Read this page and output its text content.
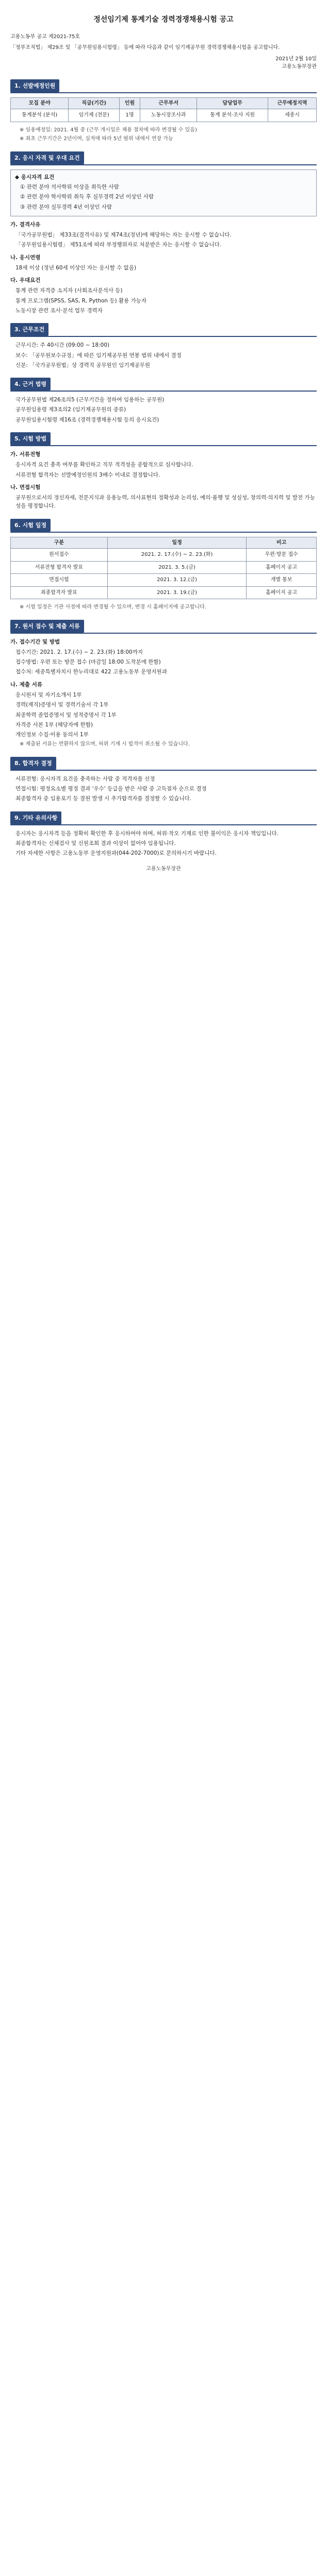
정선임기제 통계기술 경력경쟁채용시험 공고
고용노동부 공고 제2021-75호
「정부조직법」 제29조 및 「공무원임용시험령」 등에 따라 다음과 같이 임기제공무원 경력경쟁채용시험을 공고합니다.
2021년 2월 10일
고용노동부장관
1. 선발예정인원
모집 분야	직급(기간)	인원	근무부서	담당업무	근무예정지역
통계분석 (분석)	임기제 (전문)	1명	노동시장조사과	통계 분석·조사 지원	세종시
※ 임용예정일: 2021. 4월 중 (근무 개시일은 채용 절차에 따라 변경될 수 있음)
※ 최초 근무기간은 2년이며, 실적에 따라 5년 범위 내에서 연장 가능
2. 응시 자격 및 우대 요건
◆ 응시자격 요건
① 관련 분야 석사학위 이상을 취득한 사람
② 관련 분야 학사학위 취득 후 실무경력 2년 이상인 사람
③ 관련 분야 실무경력 4년 이상인 사람
가. 결격사유
「국가공무원법」 제33조(결격사유) 및 제74조(정년)에 해당하는 자는 응시할 수 없습니다.
「공무원임용시험령」 제51조에 따라 부정행위자로 처분받은 자는 응시할 수 없습니다.
나. 응시연령
18세 이상 (정년 60세 이상인 자는 응시할 수 없음)
다. 우대요건
통계 관련 자격증 소지자 (사회조사분석사 등)
통계 프로그램(SPSS, SAS, R, Python 등) 활용 가능자
노동시장 관련 조사·분석 업무 경력자
3. 근무조건
근무시간: 주 40시간 (09:00 ~ 18:00)
보수: 「공무원보수규정」에 따른 임기제공무원 연봉 범위 내에서 결정
신분: 「국가공무원법」상 경력직 공무원인 임기제공무원
4. 근거 법령
국가공무원법 제26조의5 (근무기간을 정하여 임용하는 공무원)
공무원임용령 제3조의2 (임기제공무원의 종류)
공무원임용시험령 제16조 (경력경쟁채용시험 등의 응시요건)
5. 시험 방법
가. 서류전형
응시자격 요건 충족 여부를 확인하고 직무 적격성을 종합적으로 심사합니다.
서류전형 합격자는 선발예정인원의 3배수 이내로 결정합니다.
나. 면접시험
공무원으로서의 정신자세, 전문지식과 응용능력, 의사표현의 정확성과 논리성, 예의·품행 및 성실성, 창의력·의지력 및 발전 가능성을 평정합니다.
6. 시험 일정
구분	일정	비고
원서접수	2021. 2. 17.(수) ~ 2. 23.(화)	우편·방문 접수
서류전형 합격자 발표	2021. 3. 5.(금)	홈페이지 공고
면접시험	2021. 3. 12.(금)	개별 통보
최종합격자 발표	2021. 3. 19.(금)	홈페이지 공고
※ 시험 일정은 기관 사정에 따라 변경될 수 있으며, 변경 시 홈페이지에 공고합니다.
7. 원서 접수 및 제출 서류
가. 접수기간 및 방법
접수기간: 2021. 2. 17.(수) ~ 2. 23.(화) 18:00까지
접수방법: 우편 또는 방문 접수 (마감일 18:00 도착분에 한함)
접수처: 세종특별자치시 한누리대로 422 고용노동부 운영지원과
나. 제출 서류
응시원서 및 자기소개서 1부
경력(재직)증명서 및 경력기술서 각 1부
최종학력 졸업증명서 및 성적증명서 각 1부
자격증 사본 1부 (해당자에 한함)
개인정보 수집·이용 동의서 1부
※ 제출된 서류는 반환하지 않으며, 허위 기재 시 합격이 취소될 수 있습니다.
8. 합격자 결정
서류전형: 응시자격 요건을 충족하는 사람 중 적격자를 선정
면접시험: 평정요소별 평정 결과 '우수' 등급을 받은 사람 중 고득점자 순으로 결정
최종합격자 중 임용포기 등 결원 발생 시 추가합격자를 결정할 수 있습니다.
9. 기타 유의사항
응시자는 응시자격 등을 정확히 확인한 후 응시하여야 하며, 허위·착오 기재로 인한 불이익은 응시자 책임입니다.
최종합격자는 신체검사 및 신원조회 결과 이상이 없어야 임용됩니다.
기타 자세한 사항은 고용노동부 운영지원과(044-202-7000)로 문의하시기 바랍니다.
고용노동부장관
